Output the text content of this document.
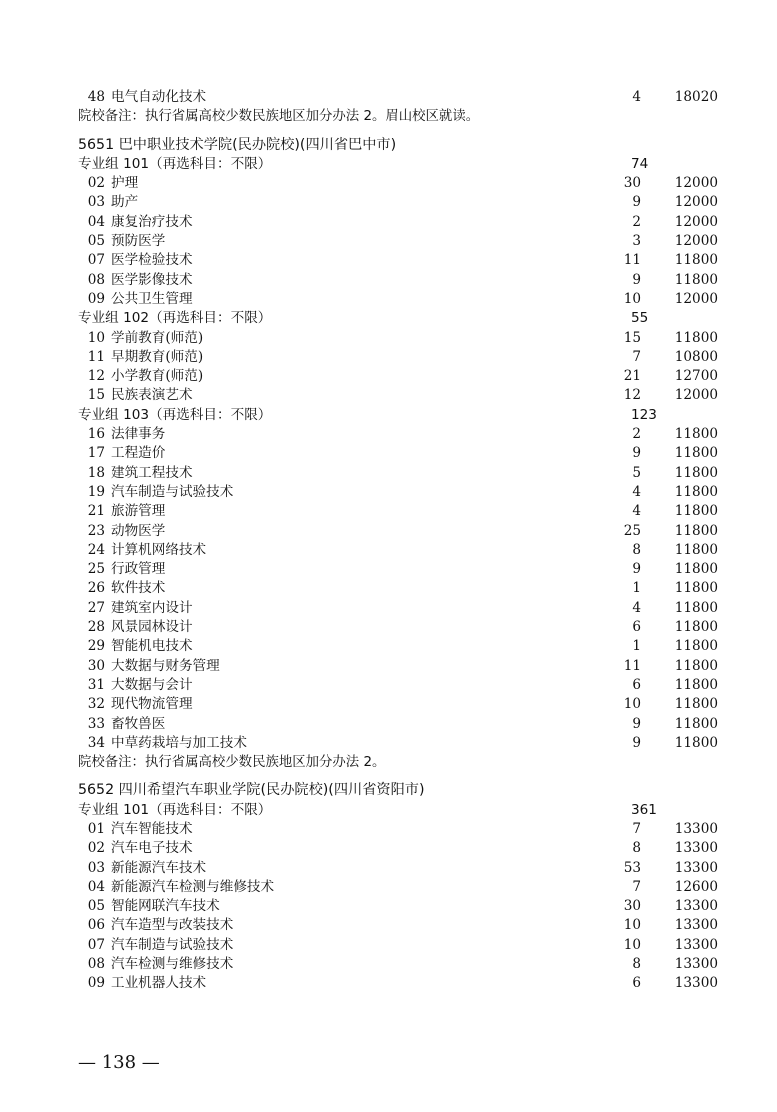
48 电气自动化技术	4 18020
院校备注：执行省属高校少数民族地区加分办法 2。眉山校区就读。
5651 巴中职业技术学院(民办院校)(四川省巴中市)
专业组 101（再选科目：不限）	74
02 护理	30 12000
03 助产	9 12000
04 康复治疗技术	2 12000
05 预防医学	3 12000
07 医学检验技术	11 11800
08 医学影像技术	9 11800
09 公共卫生管理	10 12000
专业组 102（再选科目：不限）	55
10 学前教育(师范)	15 11800
11 早期教育(师范)	7 10800
12 小学教育(师范)	21 12700
15 民族表演艺术	12 12000
专业组 103（再选科目：不限）	123
16 法律事务	2 11800
17 工程造价	9 11800
18 建筑工程技术	5 11800
19 汽车制造与试验技术	4 11800
21 旅游管理	4 11800
23 动物医学	25 11800
24 计算机网络技术	8 11800
25 行政管理	9 11800
26 软件技术	1 11800
27 建筑室内设计	4 11800
28 风景园林设计	6 11800
29 智能机电技术	1 11800
30 大数据与财务管理	11 11800
31 大数据与会计	6 11800
32 现代物流管理	10 11800
33 畜牧兽医	9 11800
34 中草药栽培与加工技术	9 11800
院校备注：执行省属高校少数民族地区加分办法 2。
5652 四川希望汽车职业学院(民办院校)(四川省资阳市)
专业组 101（再选科目：不限）	361
01 汽车智能技术	7 13300
02 汽车电子技术	8 13300
03 新能源汽车技术	53 13300
04 新能源汽车检测与维修技术	7 12600
05 智能网联汽车技术	30 13300
06 汽车造型与改装技术	10 13300
07 汽车制造与试验技术	10 13300
08 汽车检测与维修技术	8 13300
09 工业机器人技术	6 13300
— 138 —
